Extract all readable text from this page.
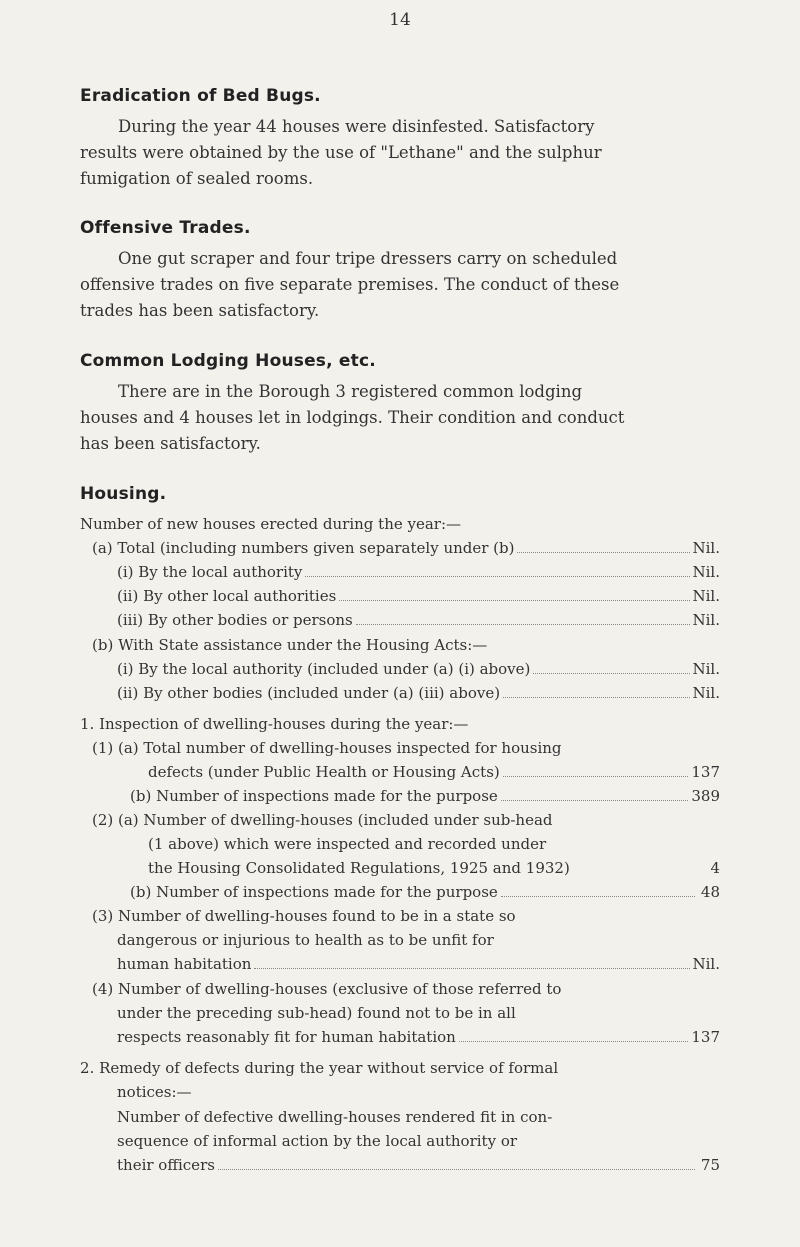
14
Eradication of Bed Bugs.
During the year 44 houses were disinfested. Satisfactory
results were obtained by the use of "Lethane" and the sulphur
fumigation of sealed rooms.
Offensive Trades.
One gut scraper and four tripe dressers carry on scheduled
offensive trades on five separate premises. The conduct of these
trades has been satisfactory.
Common Lodging Houses, etc.
There are in the Borough 3 registered common lodging
houses and 4 houses let in lodgings. Their condition and conduct
has been satisfactory.
Housing.
Number of new houses erected during the year:—
(a) Total (including numbers given separately under (b)	Nil.
(i) By the local authority	Nil.
(ii) By other local authorities	Nil.
(iii) By other bodies or persons	Nil.
(b) With State assistance under the Housing Acts:—
(i) By the local authority (included under (a) (i) above)	Nil.
(ii) By other bodies (included under (a) (iii) above)	Nil.
1. Inspection of dwelling-houses during the year:—
(1) (a) Total number of dwelling-houses inspected for housing
defects (under Public Health or Housing Acts)	137
(b) Number of inspections made for the purpose	389
(2) (a) Number of dwelling-houses (included under sub-head
(1 above) which were inspected and recorded under
the Housing Consolidated Regulations, 1925 and 1932)	4
(b) Number of inspections made for the purpose	48
(3) Number of dwelling-houses found to be in a state so
dangerous or injurious to health as to be unfit for
human habitation	Nil.
(4) Number of dwelling-houses (exclusive of those referred to
under the preceding sub-head) found not to be in all
respects reasonably fit for human habitation	137
2. Remedy of defects during the year without service of formal
notices:—
Number of defective dwelling-houses rendered fit in con-
sequence of informal action by the local authority or
their officers	75
